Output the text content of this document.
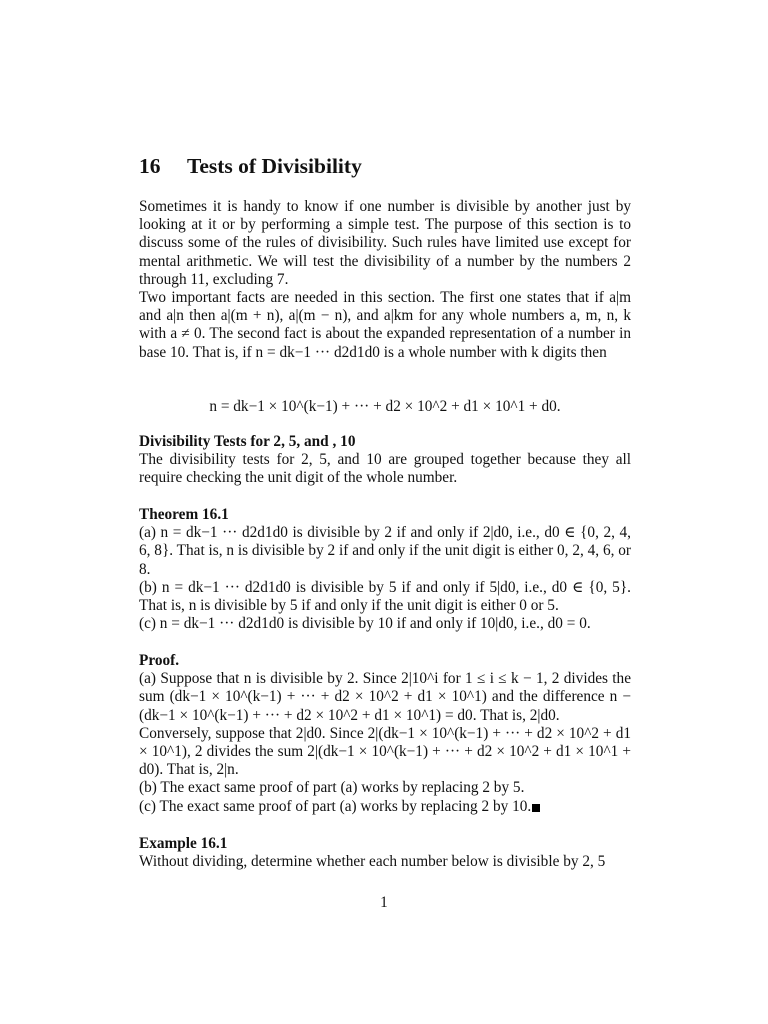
16 Tests of Divisibility

Sometimes it is handy to know if one number is divisible by another just by looking at it or by performing a simple test. The purpose of this section is to discuss some of the rules of divisibility. Such rules have limited use except for mental arithmetic. We will test the divisibility of a number by the numbers 2 through 11, excluding 7.

Two important facts are needed in this section. The first one states that if a|m and a|n then a|(m + n), a|(m − n), and a|km for any whole numbers a, m, n, k with a ≠ 0. The second fact is about the expanded representation of a number in base 10. That is, if n = dk−1 ··· d2d1d0 is a whole number with k digits then

n = dk−1 × 10^(k−1) + ··· + d2 × 10^2 + d1 × 10^1 + d0.

Divisibility Tests for 2, 5, and , 10

The divisibility tests for 2, 5, and 10 are grouped together because they all require checking the unit digit of the whole number.

Theorem 16.1

(a) n = dk−1 ··· d2d1d0 is divisible by 2 if and only if 2|d0, i.e., d0 ∈ {0, 2, 4, 6, 8}. That is, n is divisible by 2 if and only if the unit digit is either 0, 2, 4, 6, or 8.

(b) n = dk−1 ··· d2d1d0 is divisible by 5 if and only if 5|d0, i.e., d0 ∈ {0, 5}. That is, n is divisible by 5 if and only if the unit digit is either 0 or 5.

(c) n = dk−1 ··· d2d1d0 is divisible by 10 if and only if 10|d0, i.e., d0 = 0.

Proof.

(a) Suppose that n is divisible by 2. Since 2|10^i for 1 ≤ i ≤ k − 1, 2 divides the sum (dk−1 × 10^(k−1) + ··· + d2 × 10^2 + d1 × 10^1) and the difference n − (dk−1 × 10^(k−1) + ··· + d2 × 10^2 + d1 × 10^1) = d0. That is, 2|d0.

Conversely, suppose that 2|d0. Since 2|(dk−1 × 10^(k−1) + ··· + d2 × 10^2 + d1 × 10^1), 2 divides the sum 2|(dk−1 × 10^(k−1) + ··· + d2 × 10^2 + d1 × 10^1 + d0). That is, 2|n.

(b) The exact same proof of part (a) works by replacing 2 by 5.

(c) The exact same proof of part (a) works by replacing 2 by 10.

Example 16.1

Without dividing, determine whether each number below is divisible by 2, 5

1
